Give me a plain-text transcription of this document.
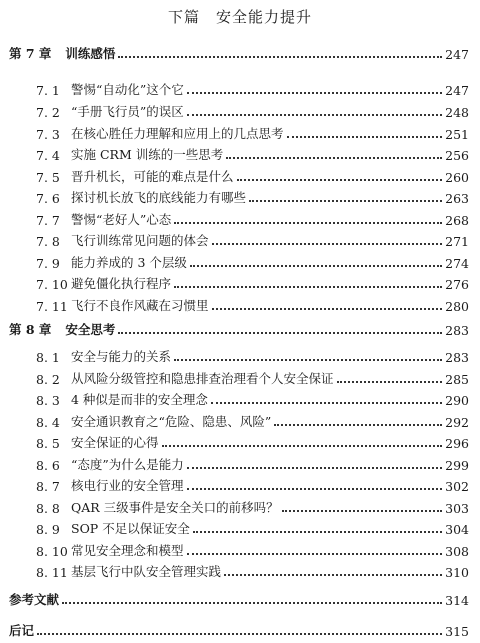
下篇　安全能力提升
第 7 章 训练感悟	247
7. 1 警惕“自动化”这个它	247
7. 2 “手册飞行员”的误区	248
7. 3 在核心胜任力理解和应用上的几点思考	251
7. 4 实施 CRM 训练的一些思考	256
7. 5 晋升机长，可能的难点是什么	260
7. 6 探讨机长放飞的底线能力有哪些	263
7. 7 警惕“老好人”心态	268
7. 8 飞行训练常见问题的体会	271
7. 9 能力养成的 3 个层级	274
7. 10 避免僵化执行程序	276
7. 11 飞行不良作风藏在习惯里	280
第 8 章 安全思考	283
8. 1 安全与能力的关系	283
8. 2 从风险分级管控和隐患排查治理看个人安全保证	285
8. 3 4 种似是而非的安全理念	290
8. 4 安全通识教育之“危险、隐患、风险”	292
8. 5 安全保证的心得	296
8. 6 “态度”为什么是能力	299
8. 7 核电行业的安全管理	302
8. 8 QAR 三级事件是安全关口的前移吗？	303
8. 9 SOP 不足以保证安全	304
8. 10 常见安全理念和模型	308
8. 11 基层飞行中队安全管理实践	310
参考文献	314
后记	315
